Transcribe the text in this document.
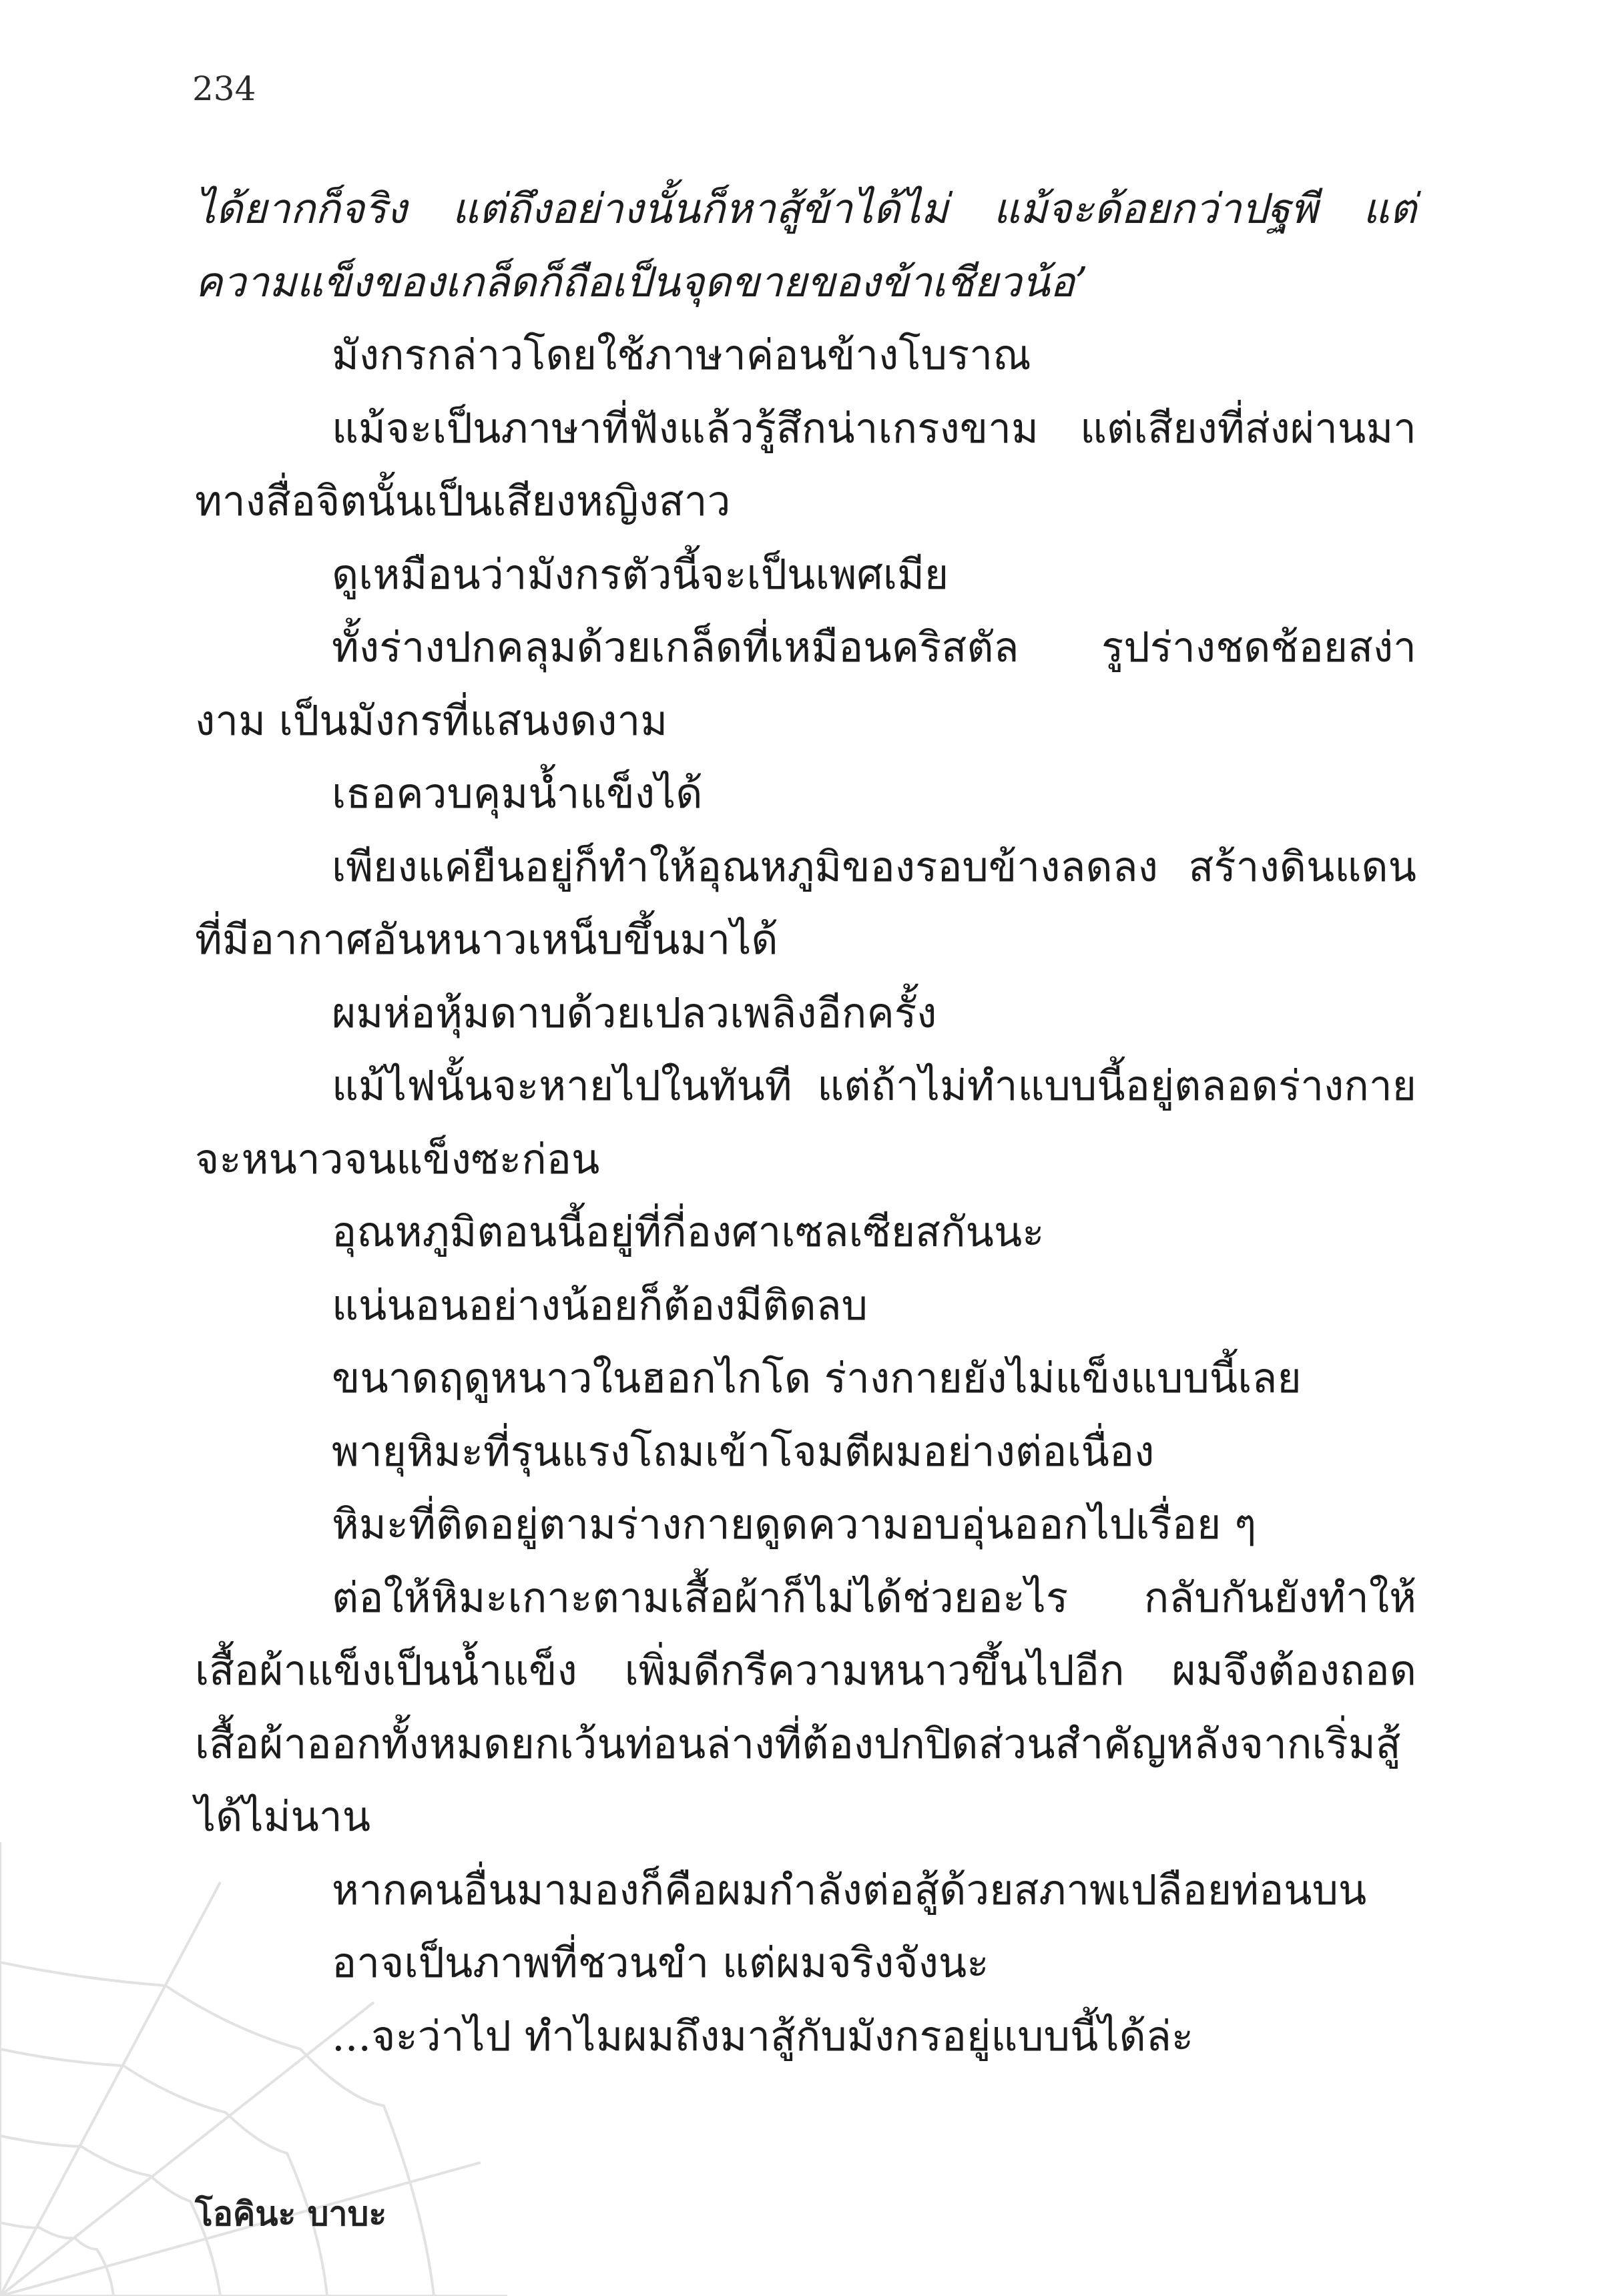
234

ได้ยากก็จริง แต่ถึงอย่างนั้นก็หาสู้ข้าได้ไม่ แม้จะด้อยกว่าปฐพี แต่ความแข็งของเกล็ดก็ถือเป็นจุดขายของข้าเชียวน้อ’

มังกรกล่าวโดยใช้ภาษาค่อนข้างโบราณ

แม้จะเป็นภาษาที่ฟังแล้วรู้สึกน่าเกรงขาม แต่เสียงที่ส่งผ่านมาทางสื่อจิตนั้นเป็นเสียงหญิงสาว

ดูเหมือนว่ามังกรตัวนี้จะเป็นเพศเมีย

ทั้งร่างปกคลุมด้วยเกล็ดที่เหมือนคริสตัล รูปร่างชดช้อยสง่างาม เป็นมังกรที่แสนงดงาม

เธอควบคุมน้ำแข็งได้

เพียงแค่ยืนอยู่ก็ทำให้อุณหภูมิของรอบข้างลดลง สร้างดินแดนที่มีอากาศอันหนาวเหน็บขึ้นมาได้

ผมห่อหุ้มดาบด้วยเปลวเพลิงอีกครั้ง

แม้ไฟนั้นจะหายไปในทันที แต่ถ้าไม่ทำแบบนี้อยู่ตลอดร่างกายจะหนาวจนแข็งซะก่อน

อุณหภูมิตอนนี้อยู่ที่กี่องศาเซลเซียสกันนะ

แน่นอนอย่างน้อยก็ต้องมีติดลบ

ขนาดฤดูหนาวในฮอกไกโด ร่างกายยังไม่แข็งแบบนี้เลย

พายุหิมะที่รุนแรงโถมเข้าโจมตีผมอย่างต่อเนื่อง

หิมะที่ติดอยู่ตามร่างกายดูดความอบอุ่นออกไปเรื่อย ๆ

ต่อให้หิมะเกาะตามเสื้อผ้าก็ไม่ได้ช่วยอะไร กลับกันยังทำให้เสื้อผ้าแข็งเป็นน้ำแข็ง เพิ่มดีกรีความหนาวขึ้นไปอีก ผมจึงต้องถอดเสื้อผ้าออกทั้งหมดยกเว้นท่อนล่างที่ต้องปกปิดส่วนสำคัญหลังจากเริ่มสู้ได้ไม่นาน

หากคนอื่นมามองก็คือผมกำลังต่อสู้ด้วยสภาพเปลือยท่อนบน

อาจเป็นภาพที่ชวนขำ แต่ผมจริงจังนะ

...จะว่าไป ทำไมผมถึงมาสู้กับมังกรอยู่แบบนี้ได้ล่ะ

โอคินะ บาบะ
